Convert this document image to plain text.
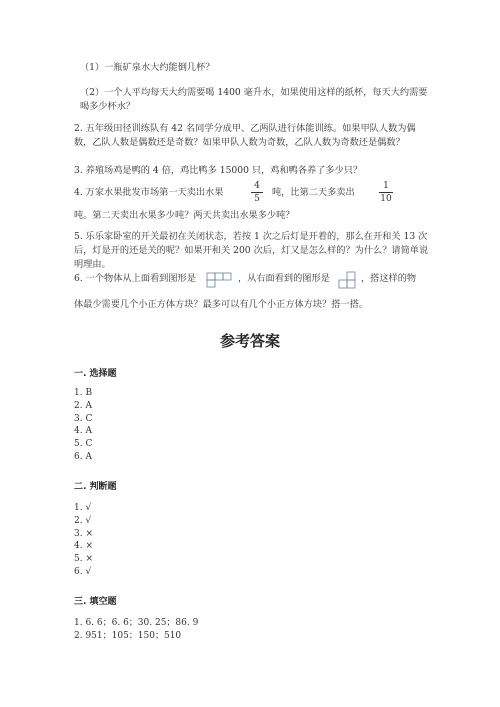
（1）一瓶矿泉水大约能倒几杯？
（2）一个人平均每天大约需要喝 1400 毫升水，如果使用这样的纸杯，每天大约需要喝多少杯水？
2. 五年级田径训练队有 42 名同学分成甲、乙两队进行体能训练。如果甲队人数为偶数，乙队人数是偶数还是奇数？如果甲队人数为奇数，乙队人数为奇数还是偶数？
3. 养殖场鸡是鸭的 4 倍，鸡比鸭多 15000 只，鸡和鸭各养了多少只？
4. 万家水果批发市场第一天卖出水果
4
5
吨，比第二天多卖出
1
10
吨。第二天卖出水果多少吨？两天共卖出水果多少吨？
5. 乐乐家卧室的开关最初在关闭状态，若按 1 次之后灯是开着的，那么在开和关 13 次后，灯是开的还是关的呢？如果开和关 200 次后，灯又是怎么样的？为什么？请简单说明理由。
6. 一个物体从上面看到图形是	，从右面看到的图形是	，搭这样的物
体最少需要几个小正方体方块？最多可以有几个小正方体方块？搭一搭。
参考答案
一. 选择题
1. B
2. A
3. C
4. A
5. C
6. A
二. 判断题
1. √
2. √
3. ×
4. ×
5. ×
6. √
三. 填空题
1. 6. 6；6. 6；30. 25；86. 9
2. 951；105；150；510
